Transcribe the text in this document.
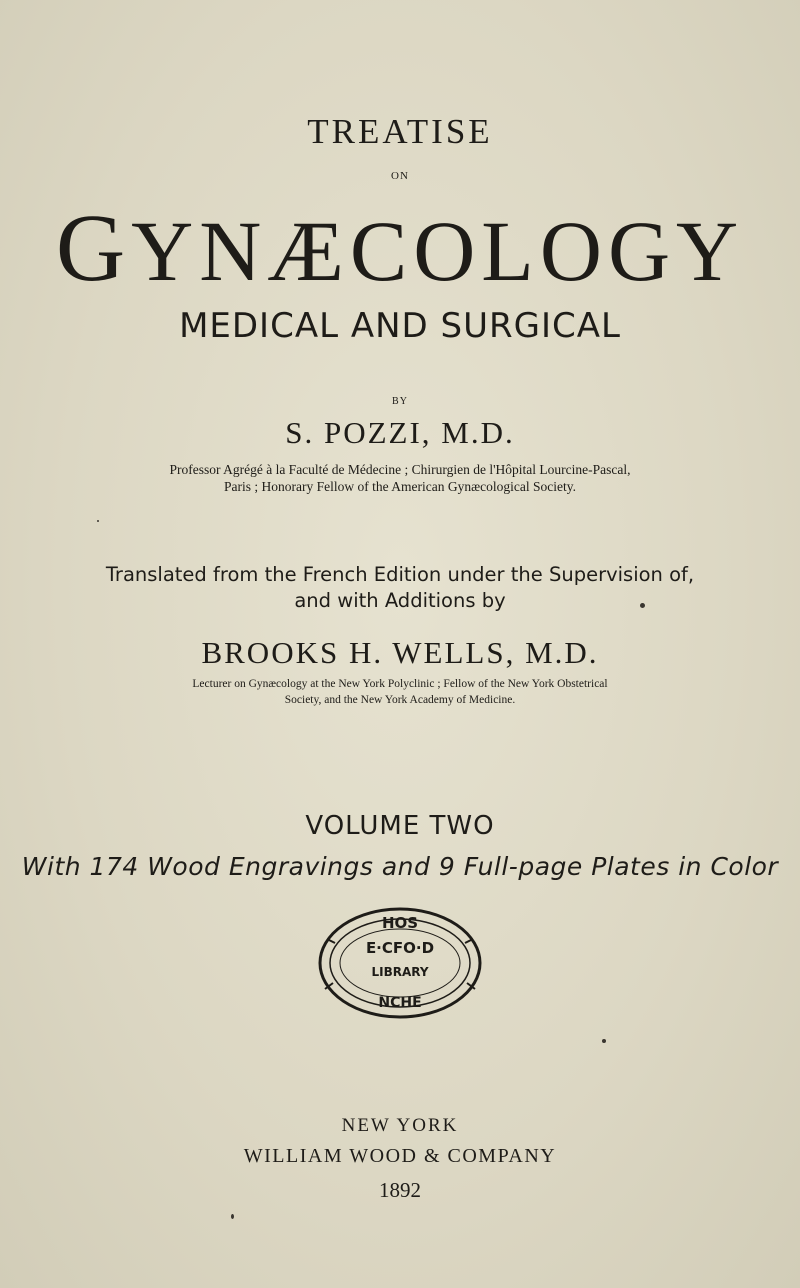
TREATISE
ON
GYNÆCOLOGY
MEDICAL AND SURGICAL
BY
S. POZZI, M.D.
Professor Agrégé à la Faculté de Médecine ; Chirurgien de l'Hôpital Lourcine-Pascal,
Paris ; Honorary Fellow of the American Gynæcological Society.
Translated from the French Edition under the Supervision of,
and with Additions by
BROOKS H. WELLS, M.D.
Lecturer on Gynæcology at the New York Polyclinic ; Fellow of the New York Obstetrical
Society, and the New York Academy of Medicine.
VOLUME TWO
With 174 Wood Engravings and 9 Full-page Plates in Color
HOS
E·CFO·D
LIBRARY
NCHE
NEW YORK
WILLIAM WOOD & COMPANY
1892
